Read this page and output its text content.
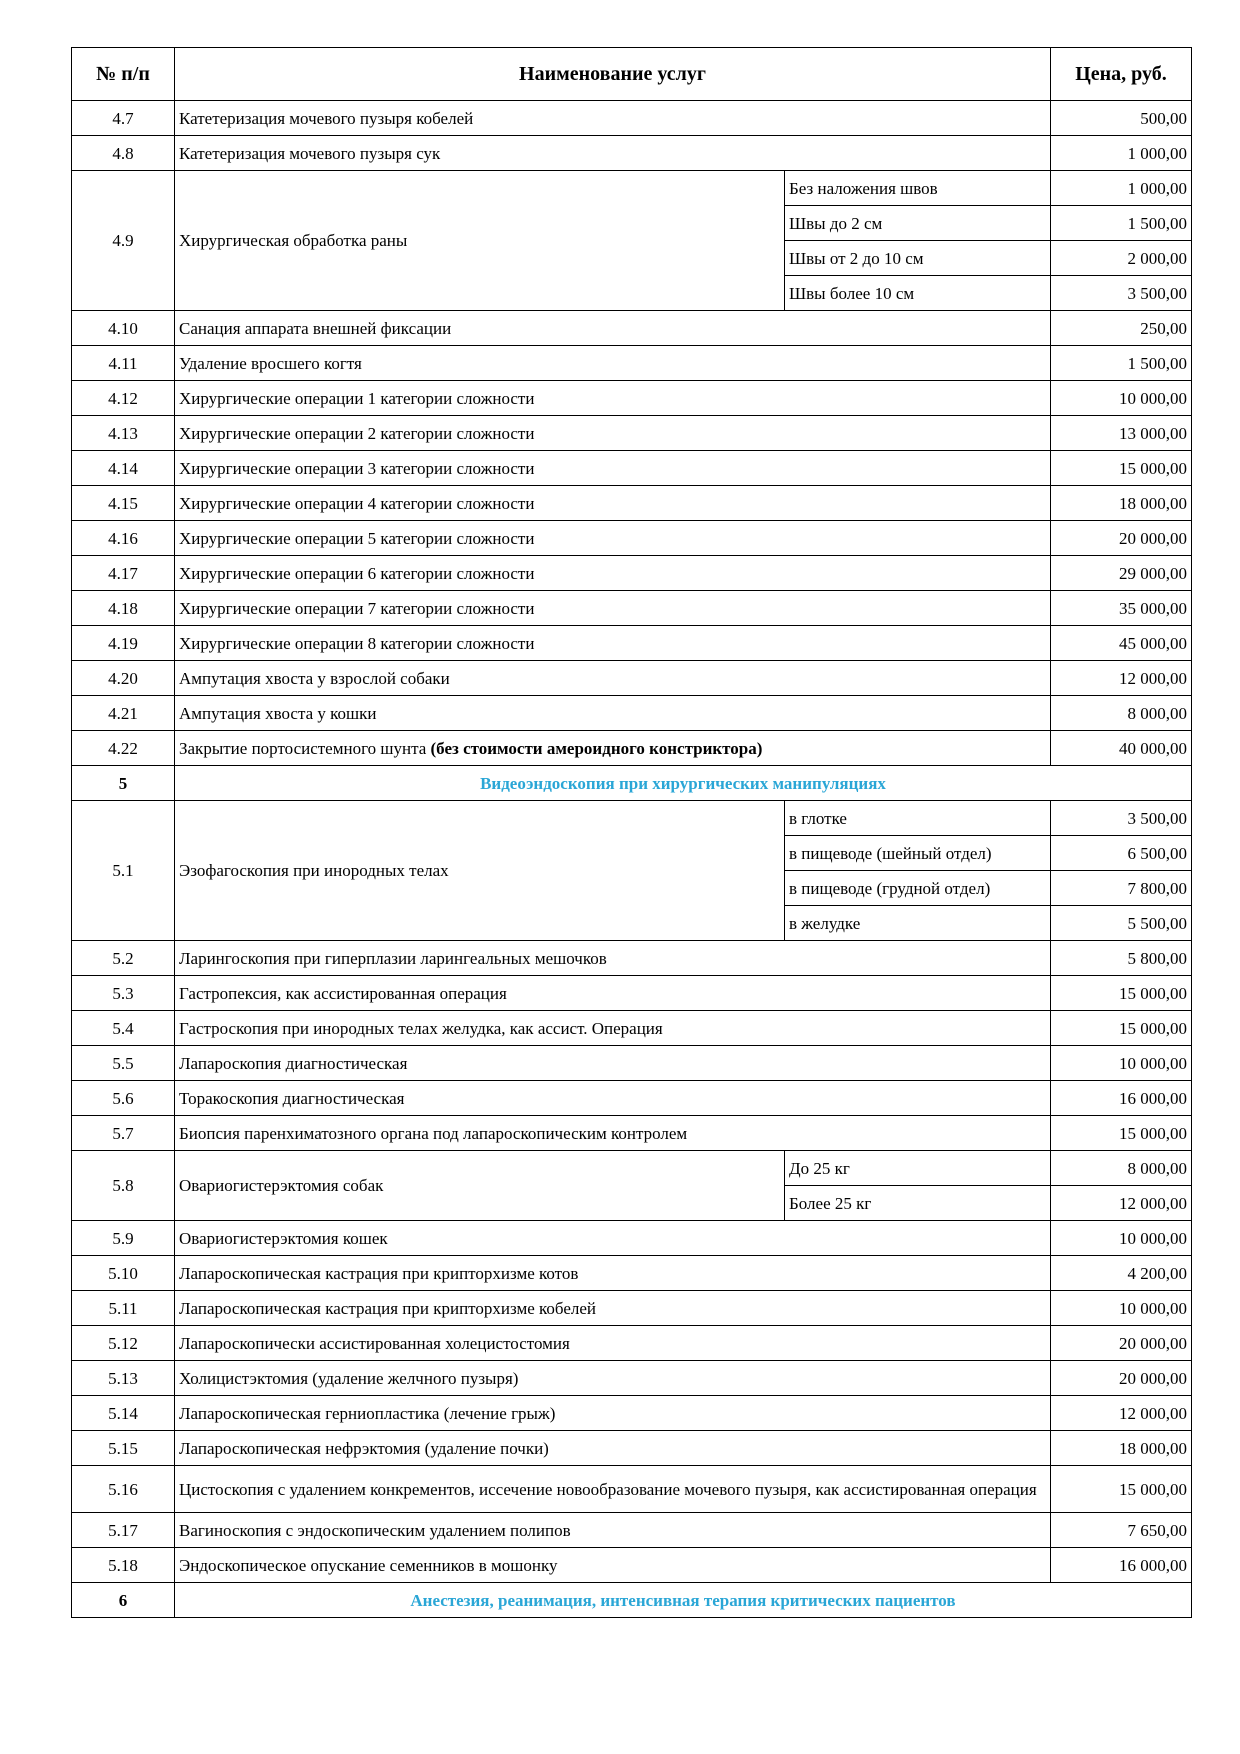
№ п/п	Наименование услуг		Цена, руб.
4.7	Катетеризация мочевого пузыря кобелей		500,00
4.8	Катетеризация мочевого пузыря сук		1 000,00
4.9	Хирургическая обработка раны	Без наложения швов	1 000,00
		Швы до 2 см	1 500,00
		Швы от 2 до 10 см	2 000,00
		Швы более 10 см	3 500,00
4.10	Санация аппарата внешней фиксации		250,00
4.11	Удаление вросшего когтя		1 500,00
4.12	Хирургические операции 1 категории сложности		10 000,00
4.13	Хирургические операции 2 категории сложности		13 000,00
4.14	Хирургические операции 3 категории сложности		15 000,00
4.15	Хирургические операции 4 категории сложности		18 000,00
4.16	Хирургические операции 5 категории сложности		20 000,00
4.17	Хирургические операции 6 категории сложности		29 000,00
4.18	Хирургические операции 7 категории сложности		35 000,00
4.19	Хирургические операции 8 категории сложности		45 000,00
4.20	Ампутация хвоста у взрослой собаки		12 000,00
4.21	Ампутация хвоста у кошки		8 000,00
4.22	Закрытие портосистемного шунта (без стоимости амероидного констриктора)		40 000,00
5	Видеоэндоскопия при хирургических манипуляциях		
5.1	Эзофагоскопия при инородных телах	в глотке	3 500,00
		в пищеводе (шейный отдел)	6 500,00
		в пищеводе (грудной отдел)	7 800,00
		в желудке	5 500,00
5.2	Ларингоскопия при гиперплазии ларингеальных мешочков		5 800,00
5.3	Гастропексия, как ассистированная операция		15 000,00
5.4	Гастроскопия при инородных телах желудка, как ассист. Операция		15 000,00
5.5	Лапароскопия диагностическая		10 000,00
5.6	Торакоскопия диагностическая		16 000,00
5.7	Биопсия паренхиматозного органа под лапароскопическим контролем		15 000,00
5.8	Овариогистерэктомия собак	До 25 кг	8 000,00
		Более 25 кг	12 000,00
5.9	Овариогистерэктомия кошек		10 000,00
5.10	Лапароскопическая кастрация при крипторхизме котов		4 200,00
5.11	Лапароскопическая кастрация при крипторхизме кобелей		10 000,00
5.12	Лапароскопически ассистированная холецистостомия		20 000,00
5.13	Холицистэктомия (удаление желчного пузыря)		20 000,00
5.14	Лапароскопическая герниопластика (лечение грыж)		12 000,00
5.15	Лапароскопическая нефрэктомия (удаление почки)		18 000,00
5.16	Цистоскопия с удалением конкрементов, иссечение новообразование мочевого пузыря, как ассистированная операция		15 000,00
5.17	Вагиноскопия с эндоскопическим удалением полипов		7 650,00
5.18	Эндоскопическое опускание семенников в мошонку		16 000,00
6	Анестезия, реанимация, интенсивная терапия критических пациентов		
